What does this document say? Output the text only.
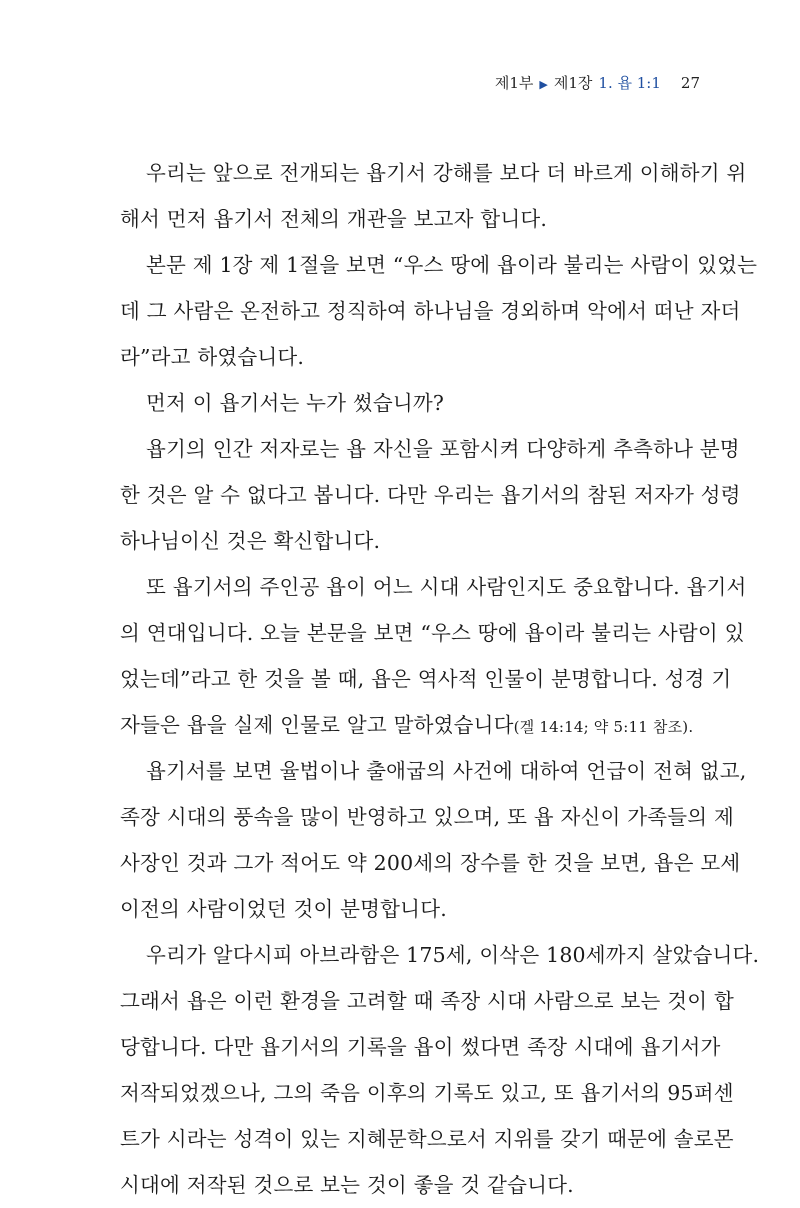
제1부 ▶ 제1장 1. 욥 1:1 27
우리는 앞으로 전개되는 욥기서 강해를 보다 더 바르게 이해하기 위
해서 먼저 욥기서 전체의 개관을 보고자 합니다.
본문 제 1장 제 1절을 보면 “우스 땅에 욥이라 불리는 사람이 있었는
데 그 사람은 온전하고 정직하여 하나님을 경외하며 악에서 떠난 자더
라”라고 하였습니다.
먼저 이 욥기서는 누가 썼습니까?
욥기의 인간 저자로는 욥 자신을 포함시켜 다양하게 추측하나 분명
한 것은 알 수 없다고 봅니다. 다만 우리는 욥기서의 참된 저자가 성령
하나님이신 것은 확신합니다.
또 욥기서의 주인공 욥이 어느 시대 사람인지도 중요합니다. 욥기서
의 연대입니다. 오늘 본문을 보면 “우스 땅에 욥이라 불리는 사람이 있
었는데”라고 한 것을 볼 때, 욥은 역사적 인물이 분명합니다. 성경 기
자들은 욥을 실제 인물로 알고 말하였습니다(겔 14:14; 약 5:11 참조).
욥기서를 보면 율법이나 출애굽의 사건에 대하여 언급이 전혀 없고,
족장 시대의 풍속을 많이 반영하고 있으며, 또 욥 자신이 가족들의 제
사장인 것과 그가 적어도 약 200세의 장수를 한 것을 보면, 욥은 모세
이전의 사람이었던 것이 분명합니다.
우리가 알다시피 아브라함은 175세, 이삭은 180세까지 살았습니다.
그래서 욥은 이런 환경을 고려할 때 족장 시대 사람으로 보는 것이 합
당합니다. 다만 욥기서의 기록을 욥이 썼다면 족장 시대에 욥기서가
저작되었겠으나, 그의 죽음 이후의 기록도 있고, 또 욥기서의 95퍼센
트가 시라는 성격이 있는 지혜문학으로서 지위를 갖기 때문에 솔로몬
시대에 저작된 것으로 보는 것이 좋을 것 같습니다.
